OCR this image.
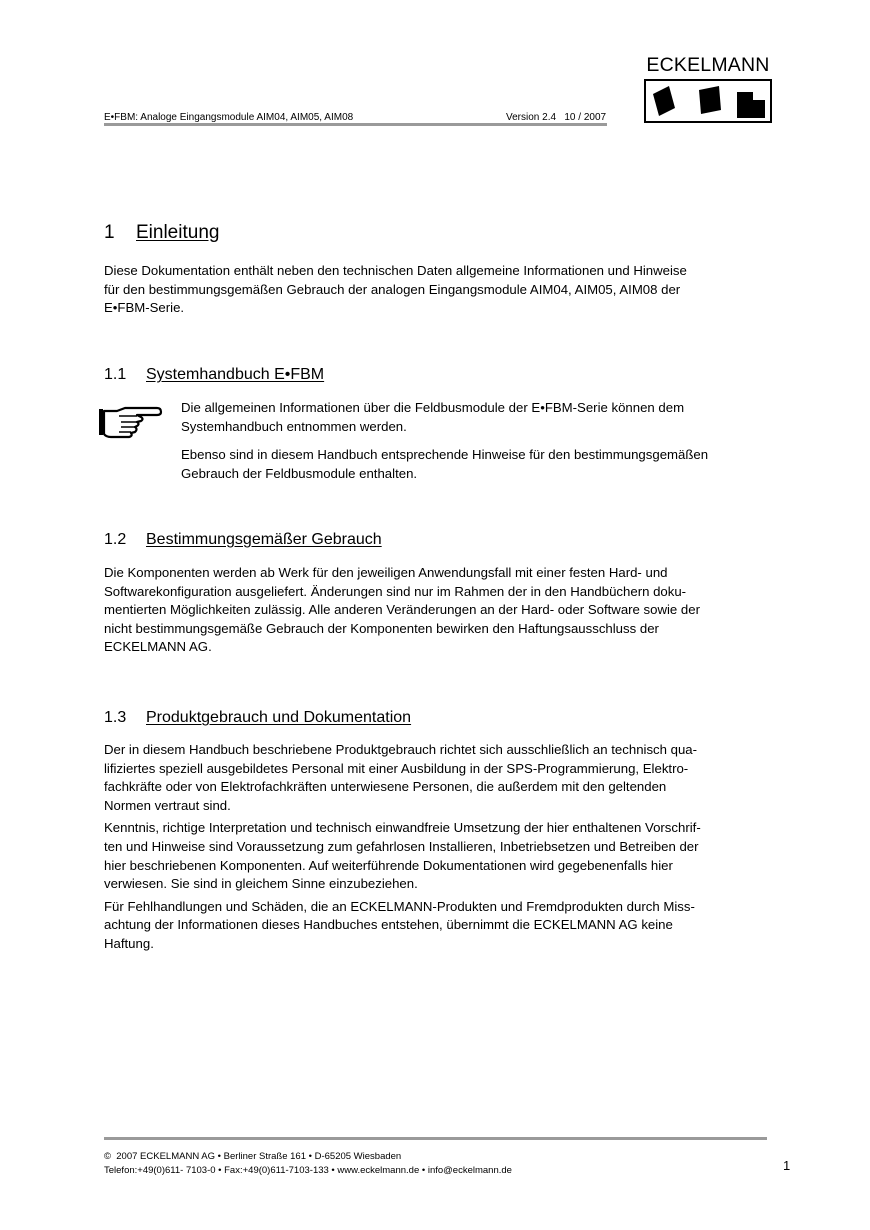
E•FBM: Analoge Eingangsmodule AIM04, AIM05, AIM08	Version 2.4   10 / 2007
ECKELMANN
1 Einleitung

Diese Dokumentation enthält neben den technischen Daten allgemeine Informationen und Hinweise

für den bestimmungsgemäßen Gebrauch der analogen Eingangsmodule AIM04, AIM05, AIM08 der

E•FBM-Serie.

1.1 Systemhandbuch E•FBM

Die allgemeinen Informationen über die Feldbusmodule der E•FBM-Serie können dem

Systemhandbuch entnommen werden.

Ebenso sind in diesem Handbuch entsprechende Hinweise für den bestimmungsgemäßen

Gebrauch der Feldbusmodule enthalten.

1.2 Bestimmungsgemäßer Gebrauch

Die Komponenten werden ab Werk für den jeweiligen Anwendungsfall mit einer festen Hard- und

Softwarekonfiguration ausgeliefert. Änderungen sind nur im Rahmen der in den Handbüchern doku-

mentierten Möglichkeiten zulässig. Alle anderen Veränderungen an der Hard- oder Software sowie der

nicht bestimmungsgemäße Gebrauch der Komponenten bewirken den Haftungsausschluss der

ECKELMANN AG.

1.3 Produktgebrauch und Dokumentation

Der in diesem Handbuch beschriebene Produktgebrauch richtet sich ausschließlich an technisch qua-

lifiziertes speziell ausgebildetes Personal mit einer Ausbildung in der SPS-Programmierung, Elektro-

fachkräfte oder von Elektrofachkräften unterwiesene Personen, die außerdem mit den geltenden

Normen vertraut sind.

Kenntnis, richtige Interpretation und technisch einwandfreie Umsetzung der hier enthaltenen Vorschrif-

ten und Hinweise sind Voraussetzung zum gefahrlosen Installieren, Inbetriebsetzen und Betreiben der

hier beschriebenen Komponenten. Auf weiterführende Dokumentationen wird gegebenenfalls hier

verwiesen. Sie sind in gleichem Sinne einzubeziehen.

Für Fehlhandlungen und Schäden, die an ECKELMANN-Produkten und Fremdprodukten durch Miss-

achtung der Informationen dieses Handbuches entstehen, übernimmt die ECKELMANN AG keine

Haftung.

©  2007 ECKELMANN AG • Berliner Straße 161 • D-65205 Wiesbaden
Telefon:+49(0)611- 7103-0 • Fax:+49(0)611-7103-133 • www.eckelmann.de • info@eckelmann.de	1
